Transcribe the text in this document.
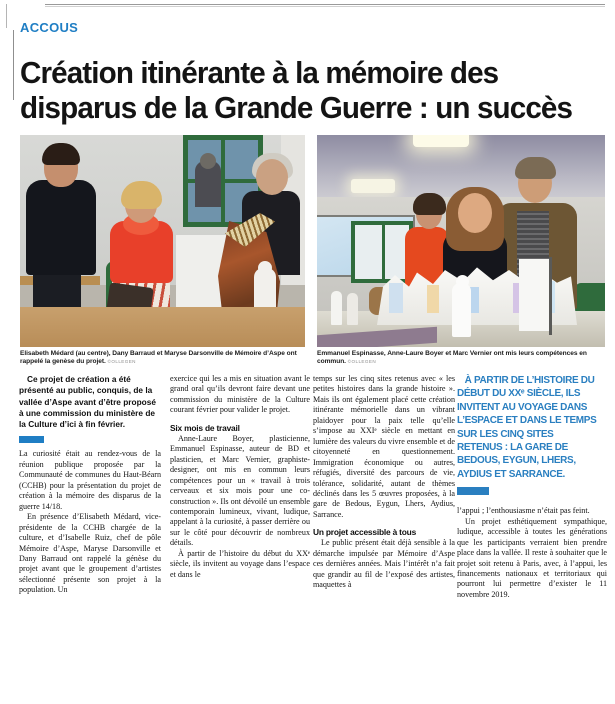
ACCOUS
Création itinérante à la mémoire des disparus de la Grande Guerre : un succès
Elisabeth Médard (au centre), Dany Barraud et Maryse Darsonville de Mémoire d’Aspe ont rappelé la genèse du projet. ©OLLEGEN
Emmanuel Espinasse, Anne-Laure Boyer et Marc Vernier ont mis leurs compétences en commun. ©OLLEGEN

Ce projet de création a été présenté au public, conquis, de la vallée d’Aspe avant d’être proposé à une commission du ministère de la Culture d’ici à fin février.

La curiosité était au rendez-vous de la réunion publique proposée par la Communauté de communes du Haut-Béarn (CCHB) pour la présentation du projet de création à la mémoire des disparus de la guerre 14/18.

En présence d’Elisabeth Médard, vice-présidente de la CCHB chargée de la culture, et d’Isabelle Ruiz, chef de pôle Mémoire d’Aspe, Maryse Darsonville et Dany Barraud ont rappelé la génèse du projet avant que le groupement d’artistes sélectionné présente son projet à la population. Un

exercice qui les a mis en situation avant le grand oral qu’ils devront faire devant une commission du ministère de la Culture courant février pour valider le projet.

Six mois de travail

Anne-Laure Boyer, plasticienne, Emmanuel Espinasse, auteur de BD et plasticien, et Marc Vernier, graphiste-designer, ont mis en commun leurs compétences pour un « travail à trois cerveaux et six mois pour une co-construction ». Ils ont dévoilé un ensemble contemporain lumineux, vivant, ludique, appelant à la curiosité, à passer derrière ou sur le côté pour découvrir de nombreux détails.

À partir de l’histoire du début du XXᵉ siècle, ils invitent au voyage dans l’espace et dans le

temps sur les cinq sites retenus avec « les petites histoires dans la grande histoire ». Mais ils ont également placé cette création itinérante mémorielle dans un vibrant plaidoyer pour la paix telle qu’elle s’impose au XXIᵉ siècle en mettant en lumière des valeurs du vivre ensemble et de citoyenneté en questionnement. Immigration économique ou autres, réfugiés, diversité des parcours de vie, tolérance, solidarité, autant de thèmes déclinés dans les 5 œuvres proposées, à la gare de Bedous, Eygun, Lhers, Aydius, Sarrance.

Un projet accessible à tous

Le public présent était déjà sensible à la démarche impulsée par Mémoire d’Aspe ces dernières années. Mais l’intérêt n’a fait que grandir au fil de l’exposé des artistes, maquettes à

À PARTIR DE L’HISTOIRE DU DÉBUT DU XXᵉ SIÈCLE, ILS INVITENT AU VOYAGE DANS L’ESPACE ET DANS LE TEMPS SUR LES CINQ SITES RETENUS : LA GARE DE BEDOUS, EYGUN, LHERS, AYDIUS ET SARRANCE.

l’appui ; l’enthousiasme n’était pas feint.

Un projet esthétiquement sympathique, ludique, accessible à toutes les générations que les participants verraient bien prendre place dans la vallée. Il reste à souhaiter que le projet soit retenu à Paris, avec, à l’appui, les financements nationaux et territoriaux qui pourront lui permettre d’exister le 11 novembre 2019.
